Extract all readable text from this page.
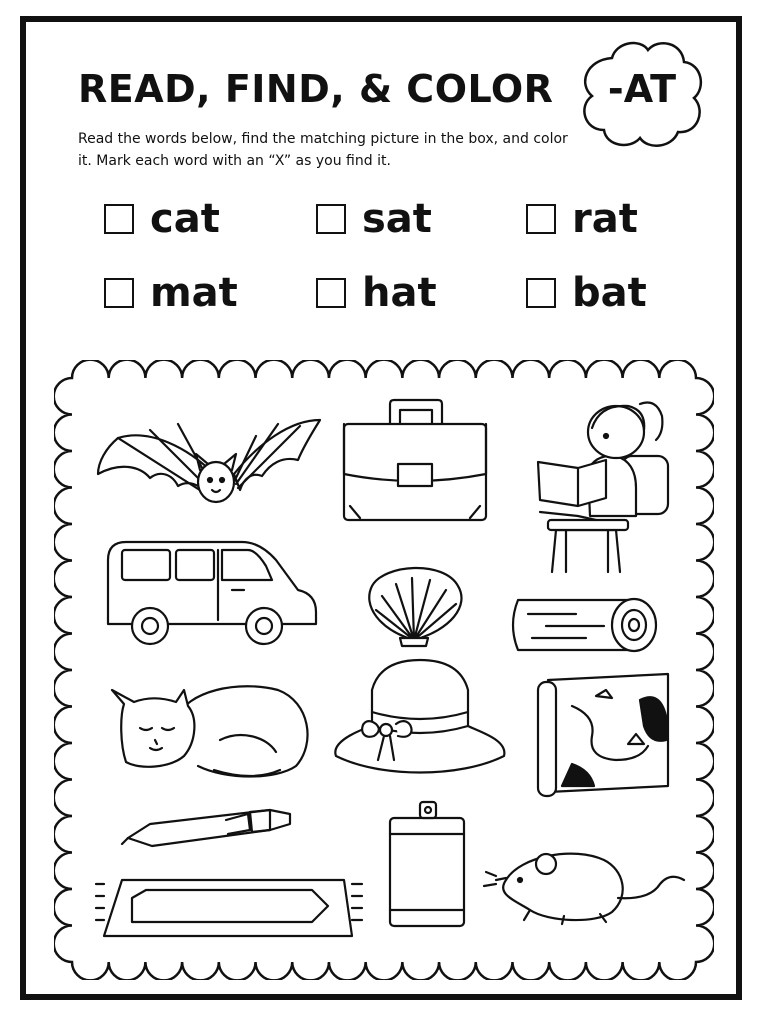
READ, FIND, & COLOR	-AT
Read the words below, find the matching picture in the box, and color it. Mark each word with an “X” as you find it.
cat	sat	rat
mat	hat	bat
